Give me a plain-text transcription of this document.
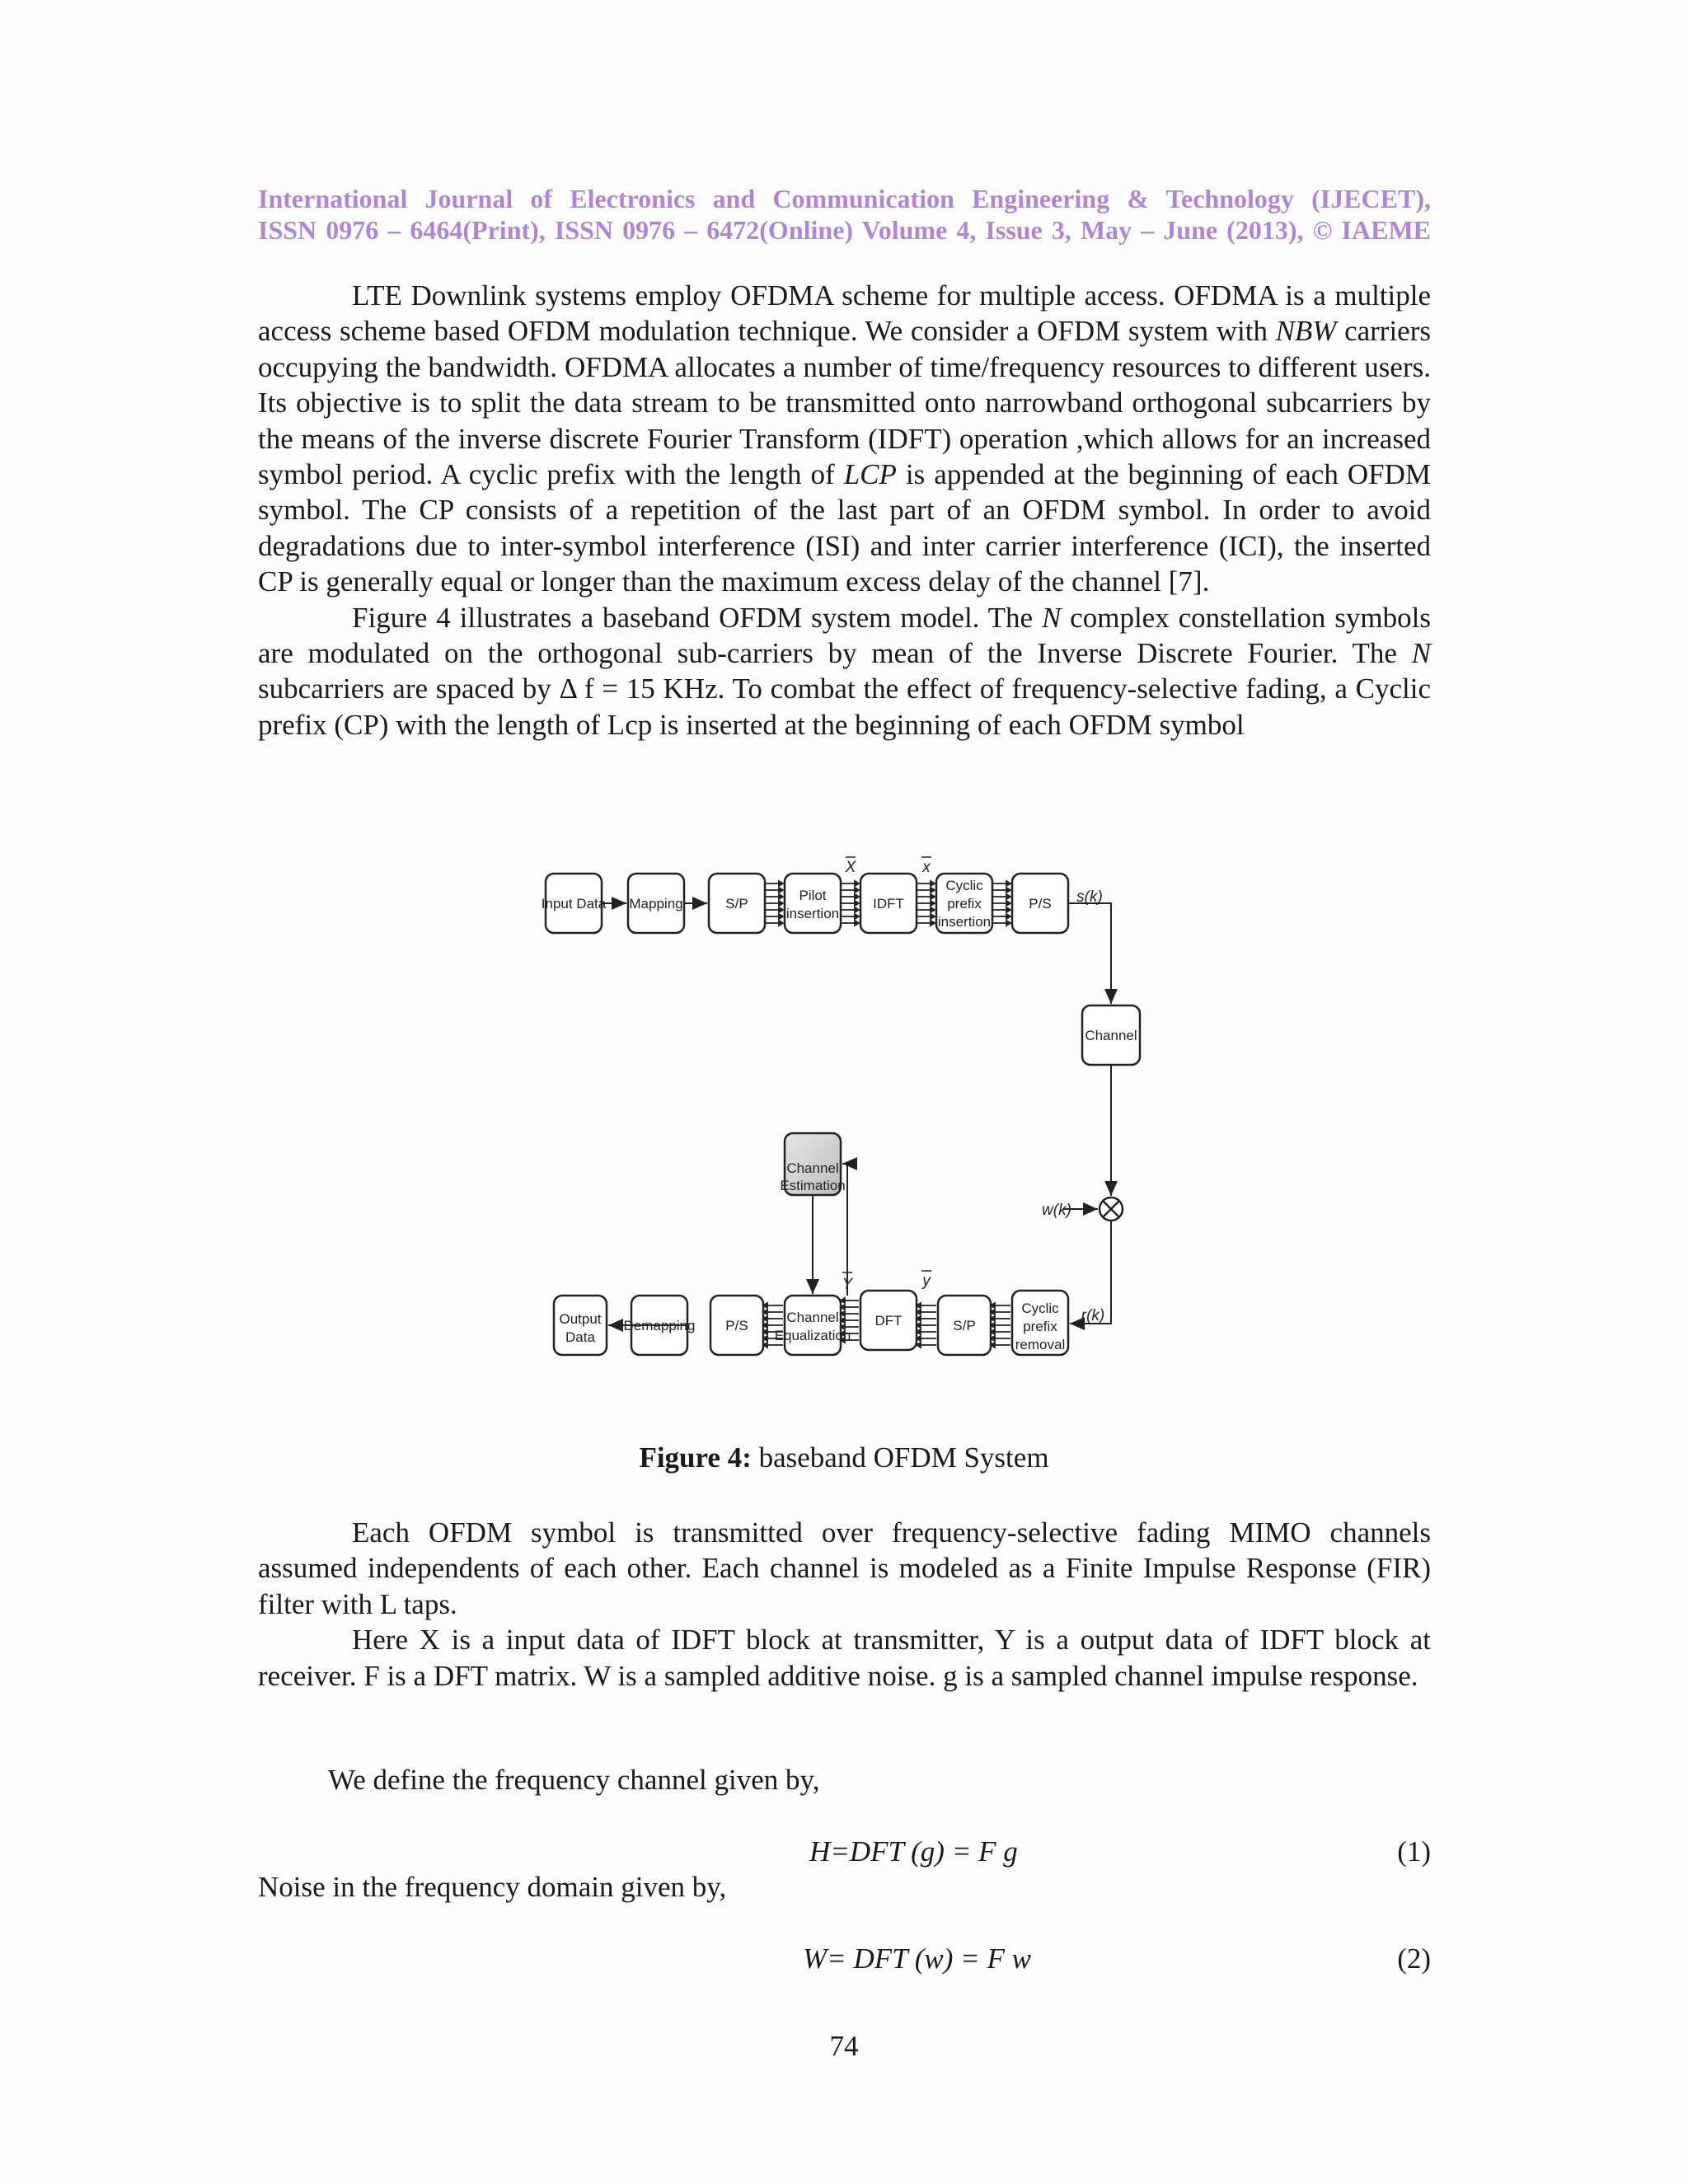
International Journal of Electronics and Communication Engineering & Technology (IJECET),
ISSN 0976 – 6464(Print), ISSN 0976 – 6472(Online) Volume 4, Issue 3, May – June (2013), © IAEME

LTE Downlink systems employ OFDMA scheme for multiple access. OFDMA is a multiple access scheme based OFDM modulation technique. We consider a OFDM system with NBW carriers occupying the bandwidth. OFDMA allocates a number of time/frequency resources to different users. Its objective is to split the data stream to be transmitted onto narrowband orthogonal subcarriers by the means of the inverse discrete Fourier Transform (IDFT) operation ,which allows for an increased symbol period. A cyclic prefix with the length of LCP is appended at the beginning of each OFDM symbol. The CP consists of a repetition of the last part of an OFDM symbol. In order to avoid degradations due to inter-symbol interference (ISI) and inter carrier interference (ICI), the inserted CP is generally equal or longer than the maximum excess delay of the channel [7].

Figure 4 illustrates a baseband OFDM system model. The N complex constellation symbols are modulated on the orthogonal sub-carriers by mean of the Inverse Discrete Fourier. The N subcarriers are spaced by Δ f = 15 KHz. To combat the effect of frequency-selective fading, a Cyclic prefix (CP) with the length of Lcp is inserted at the beginning of each OFDM symbol

Input Data Mapping	S/P
Pilot
insertion
IDFT
Cyclic
prefix
insertion
P/S
Channel
Channel
Estimation
Output
Data
Demapping P/S
Channel
Equalization
DFT	S/P
Cyclic
prefix
removal
X	x
s(k)
w(k)
r(k)
Y	y
Figure 4: baseband OFDM System

Each OFDM symbol is transmitted over frequency-selective fading MIMO channels assumed independents of each other. Each channel is modeled as a Finite Impulse Response (FIR) filter with L taps.

Here X is a input data of IDFT block at transmitter, Y is a output data of IDFT block at receiver. F is a DFT matrix. W is a sampled additive noise. g is a sampled channel impulse response.

We define the frequency channel given by,
H=DFT (g) = F g	(1)
Noise in the frequency domain given by,
W= DFT (w) = F w	(2)
74
